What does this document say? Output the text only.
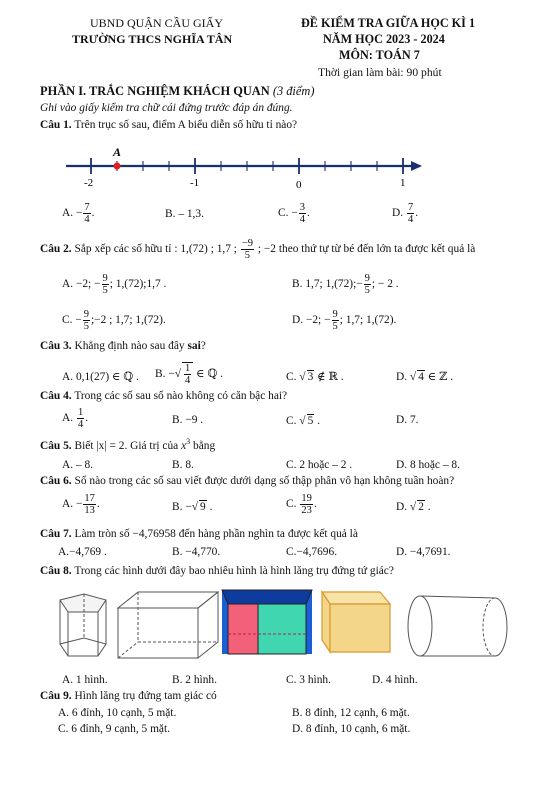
UBND QUẬN CẦU GIẤY
TRƯỜNG THCS NGHĨA TÂN
ĐỀ KIỂM TRA GIỮA HỌC KÌ 1
NĂM HỌC 2023 - 2024
MÔN: TOÁN 7
Thời gian làm bài: 90 phút
PHẦN I. TRẮC NGHIỆM KHÁCH QUAN (3 điểm)
Ghi vào giấy kiểm tra chữ cái đứng trước đáp án đúng.
Câu 1. Trên trục số sau, điểm A biểu diễn số hữu tỉ nào?
A
-2	-1	0	1
A. − $\frac{7}{4}$ .	B. – 1,3.	C. − $\frac{3}{4}$ .	D. $\frac{7}{4}$ .
Câu 2. Sắp xếp các số hữu tỉ : 1,(72) ; 1,7 ; $\frac{-9}{5}$ ; −2 theo thứ tự từ bé đến lớn ta được kết quả là
A. −2; − $\frac{9}{5}$ ; 1,(72);1,7 .	B. 1,7; 1,(72);− $\frac{9}{5}$ ; − 2 .
C. − $\frac{9}{5}$ ;−2 ; 1,7; 1,(72).	D. −2; − $\frac{9}{5}$ ; 1,7; 1,(72).
Câu 3. Khẳng định nào sau đây sai?
A. 0,1(27) ∈ ℚ . B. −√ $\frac{1}{4}$ ∈ ℚ .	C. √ 3 ∉ ℝ .	D. √ 4 ∈ ℤ .
Câu 4. Trong các số sau số nào không có căn bậc hai?
A. $\frac{1}{4}$ .	B. −9 .	C. √ 5 .	D. 7.
Câu 5. Biết |x| = 2. Giá trị của $x^3$ bằng
A. – 8.	B. 8.	C. 2 hoặc – 2 .	D. 8 hoặc – 8.
Câu 6. Số nào trong các số sau viết được dưới dạng số thập phân vô hạn không tuần hoàn?
A. − $\frac{17}{13}$ .	B. −√ 9 .	C. $\frac{19}{23}$ .	D. √ 2 .
Câu 7. Làm tròn số −4,76958 đến hàng phần nghìn ta được kết quả là
A.−4,769 .	B. −4,770.	C.−4,7696.	D. −4,7691.
Câu 8. Trong các hình dưới đây bao nhiêu hình là hình lăng trụ đứng tứ giác?
A. 1 hình.	B. 2 hình.	C. 3 hình.	D. 4 hình.
Câu 9. Hình lăng trụ đứng tam giác có
A. 6 đỉnh, 10 cạnh, 5 mặt.	B. 8 đỉnh, 12 cạnh, 6 mặt.
C. 6 đỉnh, 9 cạnh, 5 mặt.	D. 8 đỉnh, 10 cạnh, 6 mặt.
